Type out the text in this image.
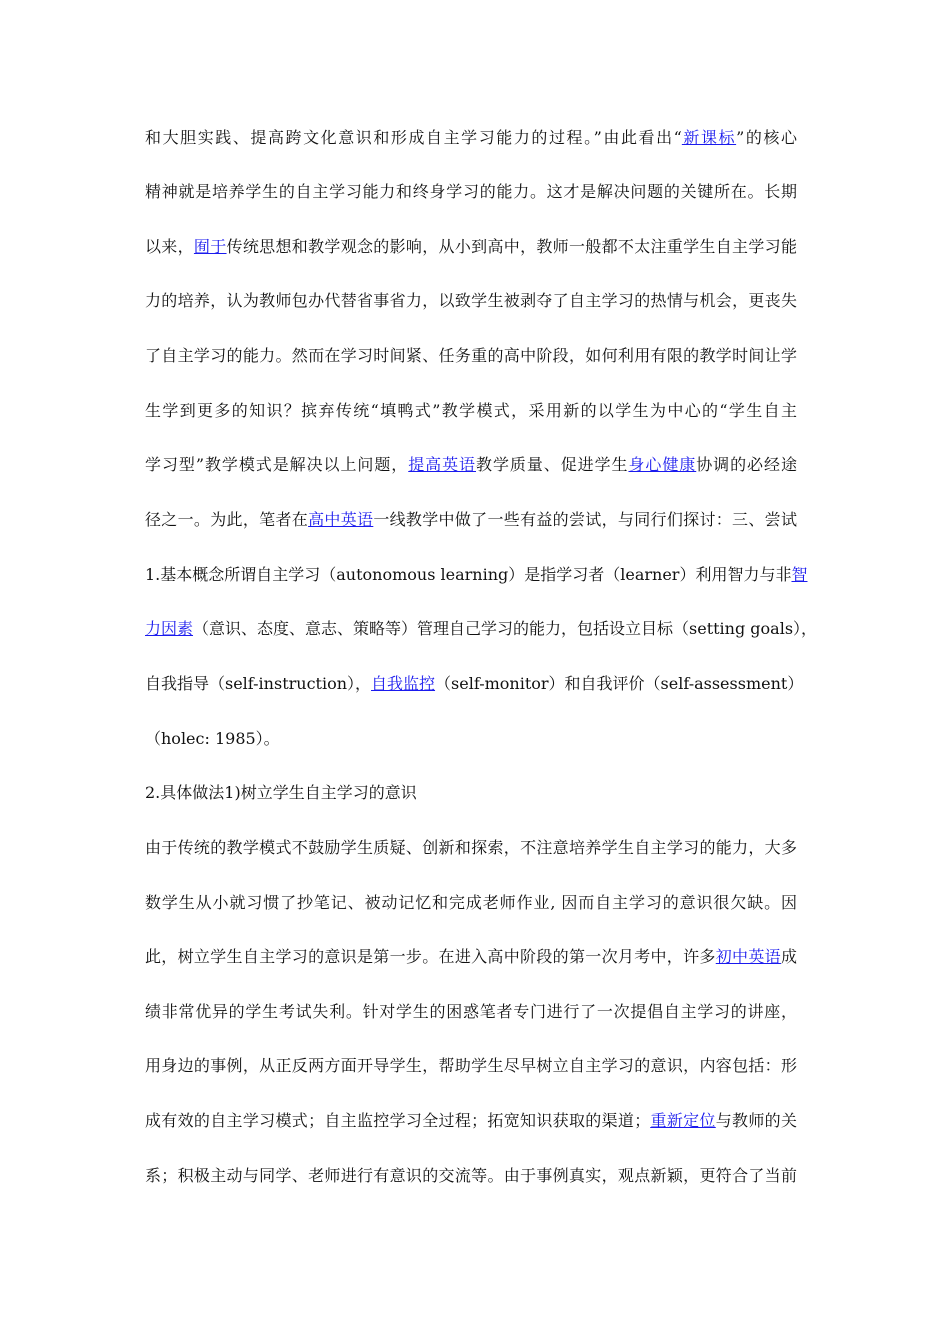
和大胆实践、提高跨文化意识和形成自主学习能力的过程。”由此看出“新课标”的核心
精神就是培养学生的自主学习能力和终身学习的能力。这才是解决问题的关键所在。长期
以来，囿于传统思想和教学观念的影响，从小到高中，教师一般都不太注重学生自主学习能
力的培养，认为教师包办代替省事省力，以致学生被剥夺了自主学习的热情与机会，更丧失
了自主学习的能力。然而在学习时间紧、任务重的高中阶段，如何利用有限的教学时间让学
生学到更多的知识？摈弃传统“填鸭式”教学模式，采用新的以学生为中心的“学生自主
学习型”教学模式是解决以上问题，提高英语教学质量、促进学生身心健康协调的必经途
径之一。为此，笔者在高中英语一线教学中做了一些有益的尝试，与同行们探讨：三、尝试
1.基本概念所谓自主学习（autonomous learning）是指学习者（learner）利用智力与非智
力因素（意识、态度、意志、策略等）管理自己学习的能力，包括设立目标（setting goals），
自我指导（self-instruction），自我监控（self-monitor）和自我评价（self-assessment）
（holec: 1985）。
2.具体做法1)树立学生自主学习的意识
由于传统的教学模式不鼓励学生质疑、创新和探索，不注意培养学生自主学习的能力，大多
数学生从小就习惯了抄笔记、被动记忆和完成老师作业, 因而自主学习的意识很欠缺。因
此，树立学生自主学习的意识是第一步。在进入高中阶段的第一次月考中，许多初中英语成
绩非常优异的学生考试失利。针对学生的困惑笔者专门进行了一次提倡自主学习的讲座，
用身边的事例，从正反两方面开导学生，帮助学生尽早树立自主学习的意识，内容包括：形
成有效的自主学习模式；自主监控学习全过程；拓宽知识获取的渠道；重新定位与教师的关
系；积极主动与同学、老师进行有意识的交流等。由于事例真实，观点新颖，更符合了当前
